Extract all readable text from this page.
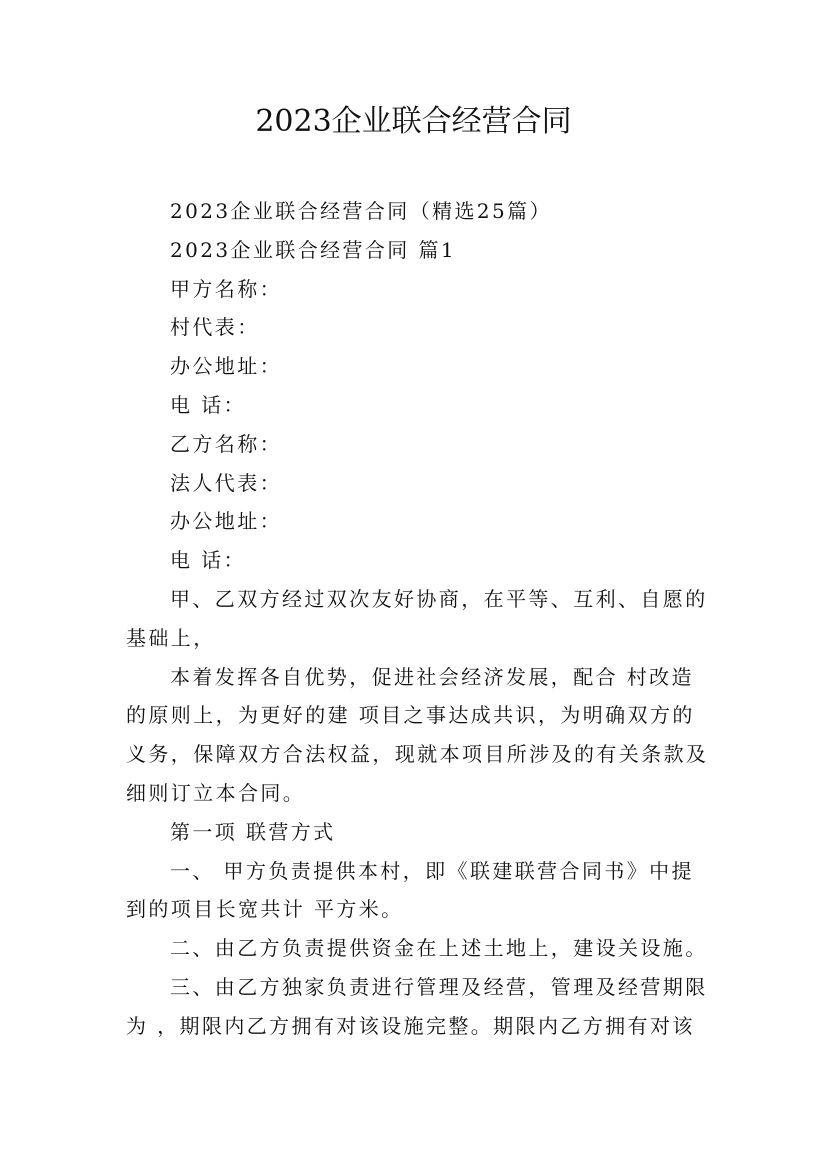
2023企业联合经营合同

2023企业联合经营合同（精选25篇）

2023企业联合经营合同 篇1

甲方名称：

村代表：

办公地址：

电 话：

乙方名称：

法人代表：

办公地址：

电 话：

甲、乙双方经过双次友好协商，在平等、互利、自愿的

基础上，

本着发挥各自优势，促进社会经济发展，配合 村改造

的原则上，为更好的建 项目之事达成共识，为明确双方的

义务，保障双方合法权益，现就本项目所涉及的有关条款及

细则订立本合同。

第一项 联营方式

一、 甲方负责提供本村，即《联建联营合同书》中提

到的项目长宽共计 平方米。

二、由乙方负责提供资金在上述土地上，建设关设施。

三、由乙方独家负责进行管理及经营，管理及经营期限

为 ，期限内乙方拥有对该设施完整。期限内乙方拥有对该
